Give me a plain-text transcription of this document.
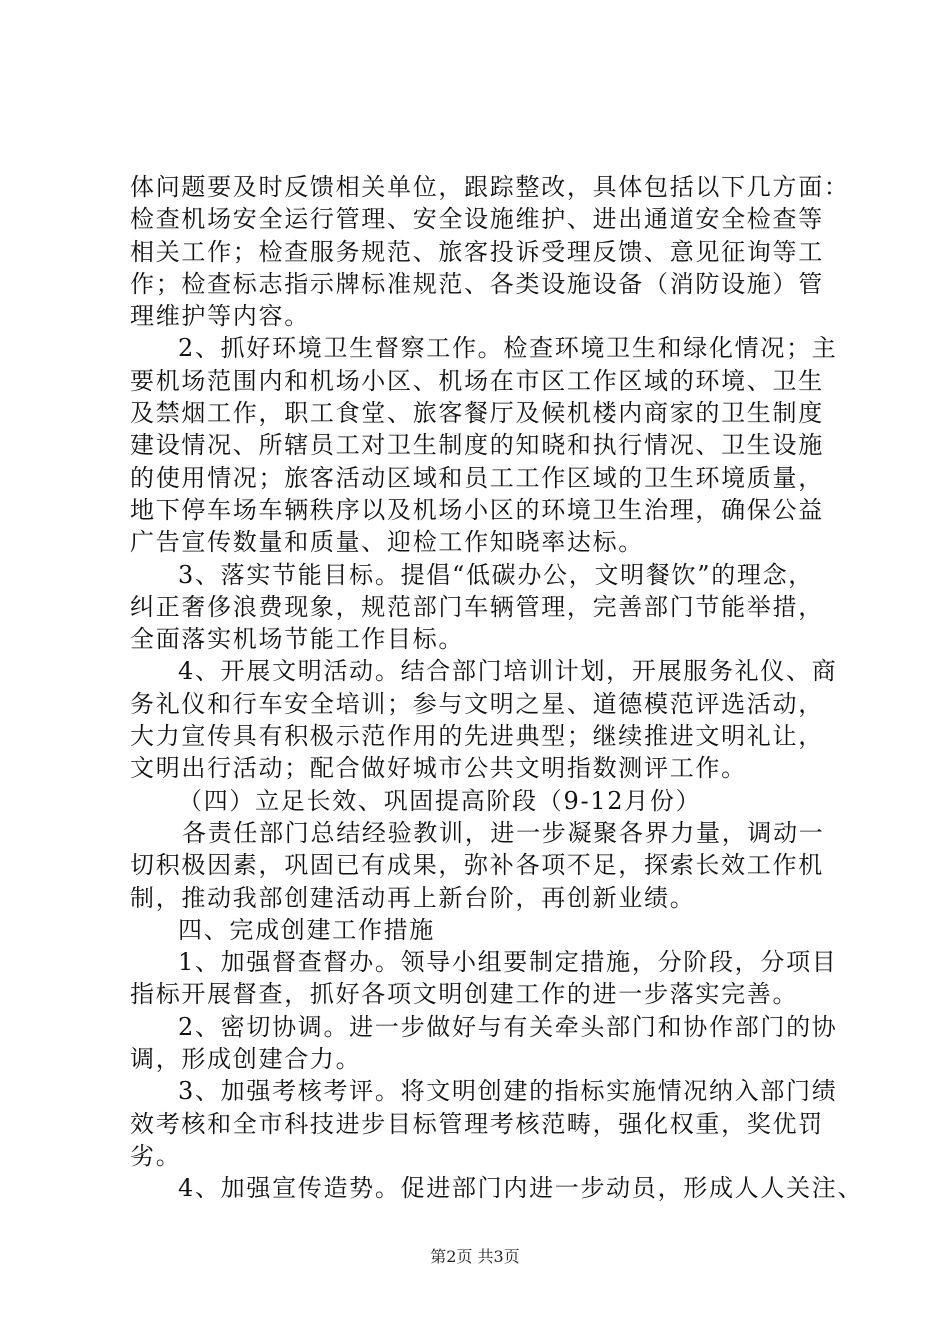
体问题要及时反馈相关单位，跟踪整改，具体包括以下几方面：
检查机场安全运行管理、安全设施维护、进出通道安全检查等
相关工作；检查服务规范、旅客投诉受理反馈、意见征询等工
作；检查标志指示牌标准规范、各类设施设备（消防设施）管
理维护等内容。
2、抓好环境卫生督察工作。检查环境卫生和绿化情况；主
要机场范围内和机场小区、机场在市区工作区域的环境、卫生
及禁烟工作，职工食堂、旅客餐厅及候机楼内商家的卫生制度
建设情况、所辖员工对卫生制度的知晓和执行情况、卫生设施
的使用情况；旅客活动区域和员工工作区域的卫生环境质量，
地下停车场车辆秩序以及机场小区的环境卫生治理，确保公益
广告宣传数量和质量、迎检工作知晓率达标。
3、落实节能目标。提倡“低碳办公，文明餐饮”的理念，
纠正奢侈浪费现象，规范部门车辆管理，完善部门节能举措，
全面落实机场节能工作目标。
4、开展文明活动。结合部门培训计划，开展服务礼仪、商
务礼仪和行车安全培训；参与文明之星、道德模范评选活动，
大力宣传具有积极示范作用的先进典型；继续推进文明礼让，
文明出行活动；配合做好城市公共文明指数测评工作。
（四）立足长效、巩固提高阶段（9-12月份）
各责任部门总结经验教训，进一步凝聚各界力量，调动一
切积极因素，巩固已有成果，弥补各项不足，探索长效工作机
制，推动我部创建活动再上新台阶，再创新业绩。
四、完成创建工作措施
1、加强督查督办。领导小组要制定措施，分阶段，分项目
指标开展督查，抓好各项文明创建工作的进一步落实完善。
2、密切协调。进一步做好与有关牵头部门和协作部门的协
调，形成创建合力。
3、加强考核考评。将文明创建的指标实施情况纳入部门绩
效考核和全市科技进步目标管理考核范畴，强化权重，奖优罚
劣。
4、加强宣传造势。促进部门内进一步动员，形成人人关注、
第2页 共3页
